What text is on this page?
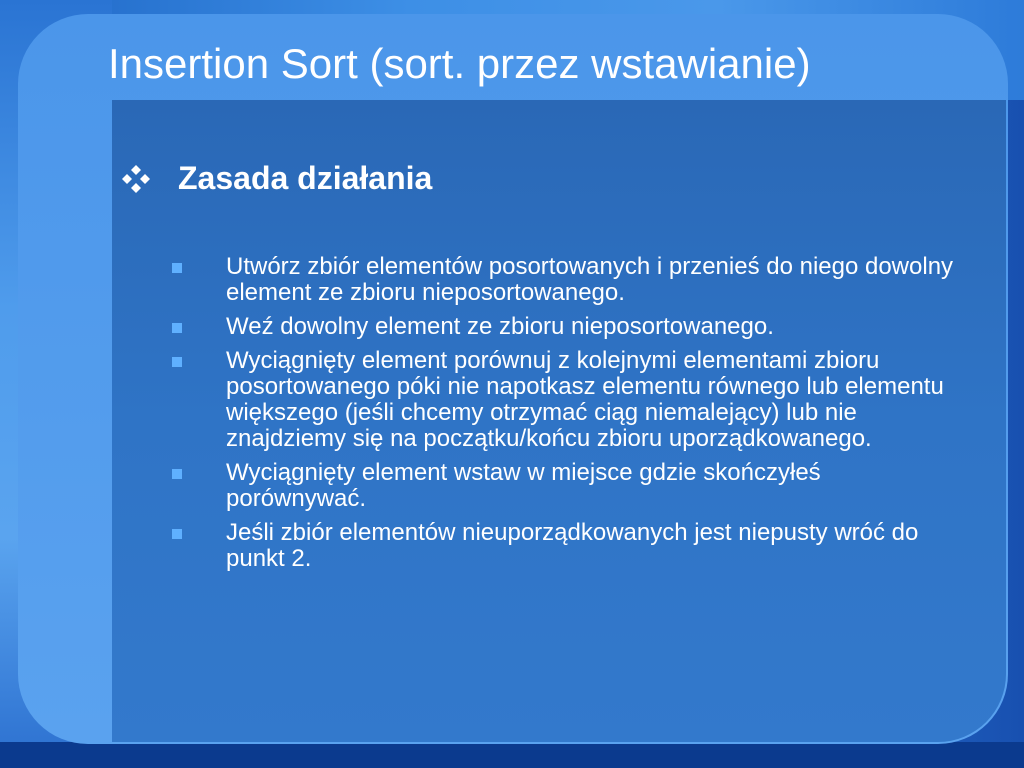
Insertion Sort (sort. przez wstawianie)
Zasada działania
Utwórz zbiór elementów posortowanych i przenieś do niego dowolny element ze zbioru nieposortowanego.
Weź dowolny element ze zbioru nieposortowanego.
Wyciągnięty element porównuj z kolejnymi elementami zbioru posortowanego póki nie napotkasz elementu równego lub elementu większego (jeśli chcemy otrzymać ciąg niemalejący) lub nie znajdziemy się na początku/końcu zbioru uporządkowanego.
Wyciągnięty element wstaw w miejsce gdzie skończyłeś porównywać.
Jeśli zbiór elementów nieuporządkowanych jest niepusty wróć do punkt 2.
